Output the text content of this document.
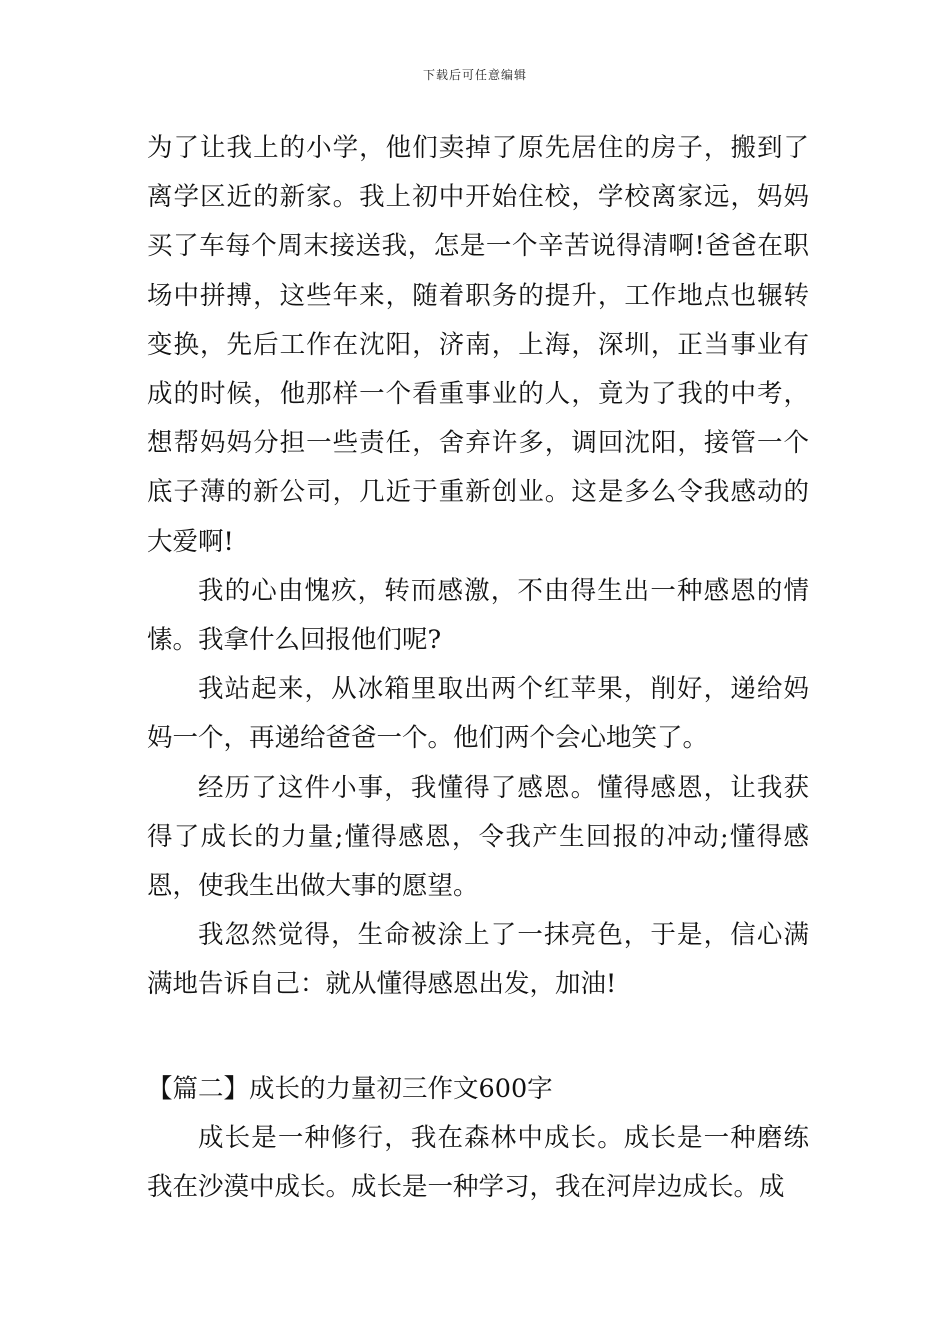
下载后可任意编辑

为了让我上的小学，他们卖掉了原先居住的房子，搬到了离学区近的新家。我上初中开始住校，学校离家远，妈妈买了车每个周末接送我，怎是一个辛苦说得清啊!爸爸在职场中拼搏，这些年来，随着职务的提升，工作地点也辗转变换，先后工作在沈阳，济南，上海，深圳，正当事业有成的时候，他那样一个看重事业的人，竟为了我的中考，想帮妈妈分担一些责任，舍弃许多，调回沈阳，接管一个底子薄的新公司，几近于重新创业。这是多么令我感动的大爱啊!

我的心由愧疚，转而感激，不由得生出一种感恩的情愫。我拿什么回报他们呢?

我站起来，从冰箱里取出两个红苹果，削好，递给妈妈一个，再递给爸爸一个。他们两个会心地笑了。

经历了这件小事，我懂得了感恩。懂得感恩，让我获得了成长的力量;懂得感恩，令我产生回报的冲动;懂得感恩，使我生出做大事的愿望。

我忽然觉得，生命被涂上了一抹亮色，于是，信心满满地告诉自己：就从懂得感恩出发，加油!

【篇二】成长的力量初三作文600字

成长是一种修行，我在森林中成长。成长是一种磨练我在沙漠中成长。成长是一种学习，我在河岸边成长。成
